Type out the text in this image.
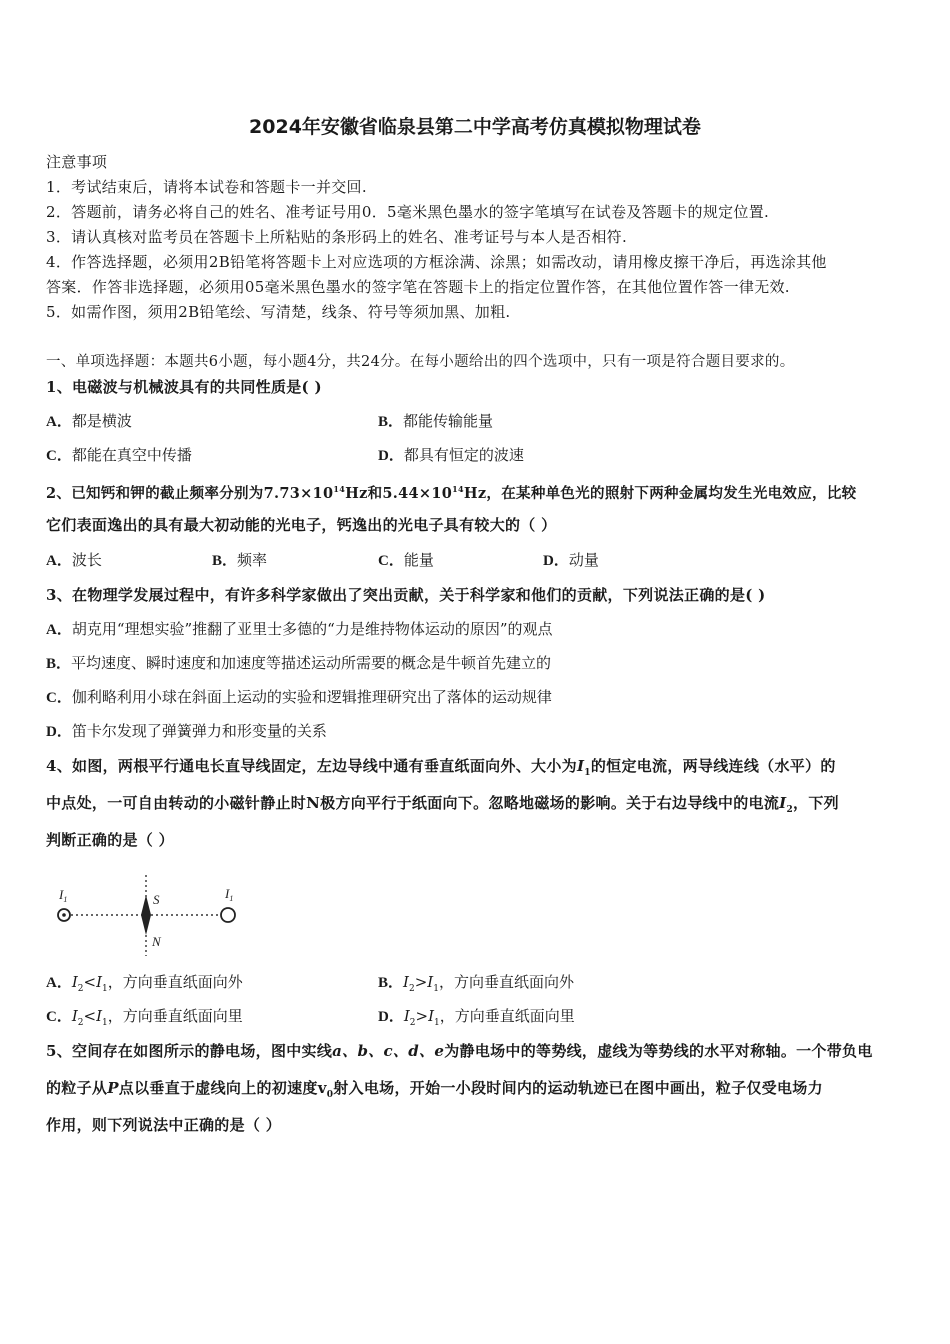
2024年安徽省临泉县第二中学高考仿真模拟物理试卷
注意事项
1．考试结束后，请将本试卷和答题卡一并交回.
2．答题前，请务必将自己的姓名、准考证号用0．5毫米黑色墨水的签字笔填写在试卷及答题卡的规定位置.
3．请认真核对监考员在答题卡上所粘贴的条形码上的姓名、准考证号与本人是否相符.
4．作答选择题，必须用2B铅笔将答题卡上对应选项的方框涂满、涂黑；如需改动，请用橡皮擦干净后，再选涂其他
答案．作答非选择题，必须用05毫米黑色墨水的签字笔在答题卡上的指定位置作答，在其他位置作答一律无效.
5．如需作图，须用2B铅笔绘、写清楚，线条、符号等须加黑、加粗.
一、单项选择题：本题共6小题，每小题4分，共24分。在每小题给出的四个选项中，只有一项是符合题目要求的。
1、电磁波与机械波具有的共同性质是( )
A．都是横波	B．都能传输能量
C．都能在真空中传播	D．都具有恒定的波速
2、已知钙和钾的截止频率分别为$7.73\times 10^{14}Hz$和$5.44\times 10^{14}Hz$，在某种单色光的照射下两种金属均发生光电效应，比较
它们表面逸出的具有最大初动能的光电子，钙逸出的光电子具有较大的（ ）
A．波长	B．频率	C．能量	D．动量
3、在物理学发展过程中，有许多科学家做出了突出贡献，关于科学家和他们的贡献，下列说法正确的是( )
A．胡克用“理想实验”推翻了亚里士多德的“力是维持物体运动的原因”的观点
B．平均速度、瞬时速度和加速度等描述运动所需要的概念是牛顿首先建立的
C．伽利略利用小球在斜面上运动的实验和逻辑推理研究出了落体的运动规律
D．笛卡尔发现了弹簧弹力和形变量的关系
4、如图，两根平行通电长直导线固定，左边导线中通有垂直纸面向外、大小为$I_1$的恒定电流，两导线连线（水平）的
中点处，一可自由转动的小磁针静止时N极方向平行于纸面向下。忽略地磁场的影响。关于右边导线中的电流$I_2$，下列
判断正确的是（ ）
$I_1$	$I_1$
S
N
A．$I_2<I_1$，方向垂直纸面向外	B．$I_2>I_1$，方向垂直纸面向外
C．$I_2<I_1$，方向垂直纸面向里	D．$I_2>I_1$，方向垂直纸面向里
5、空间存在如图所示的静电场，图中实线a、b、c、d、e为静电场中的等势线，虚线为等势线的水平对称轴。一个带负电
的粒子从P点以垂直于虚线向上的初速度$v_0$射入电场，开始一小段时间内的运动轨迹已在图中画出，粒子仅受电场力
作用，则下列说法中正确的是（ ）
